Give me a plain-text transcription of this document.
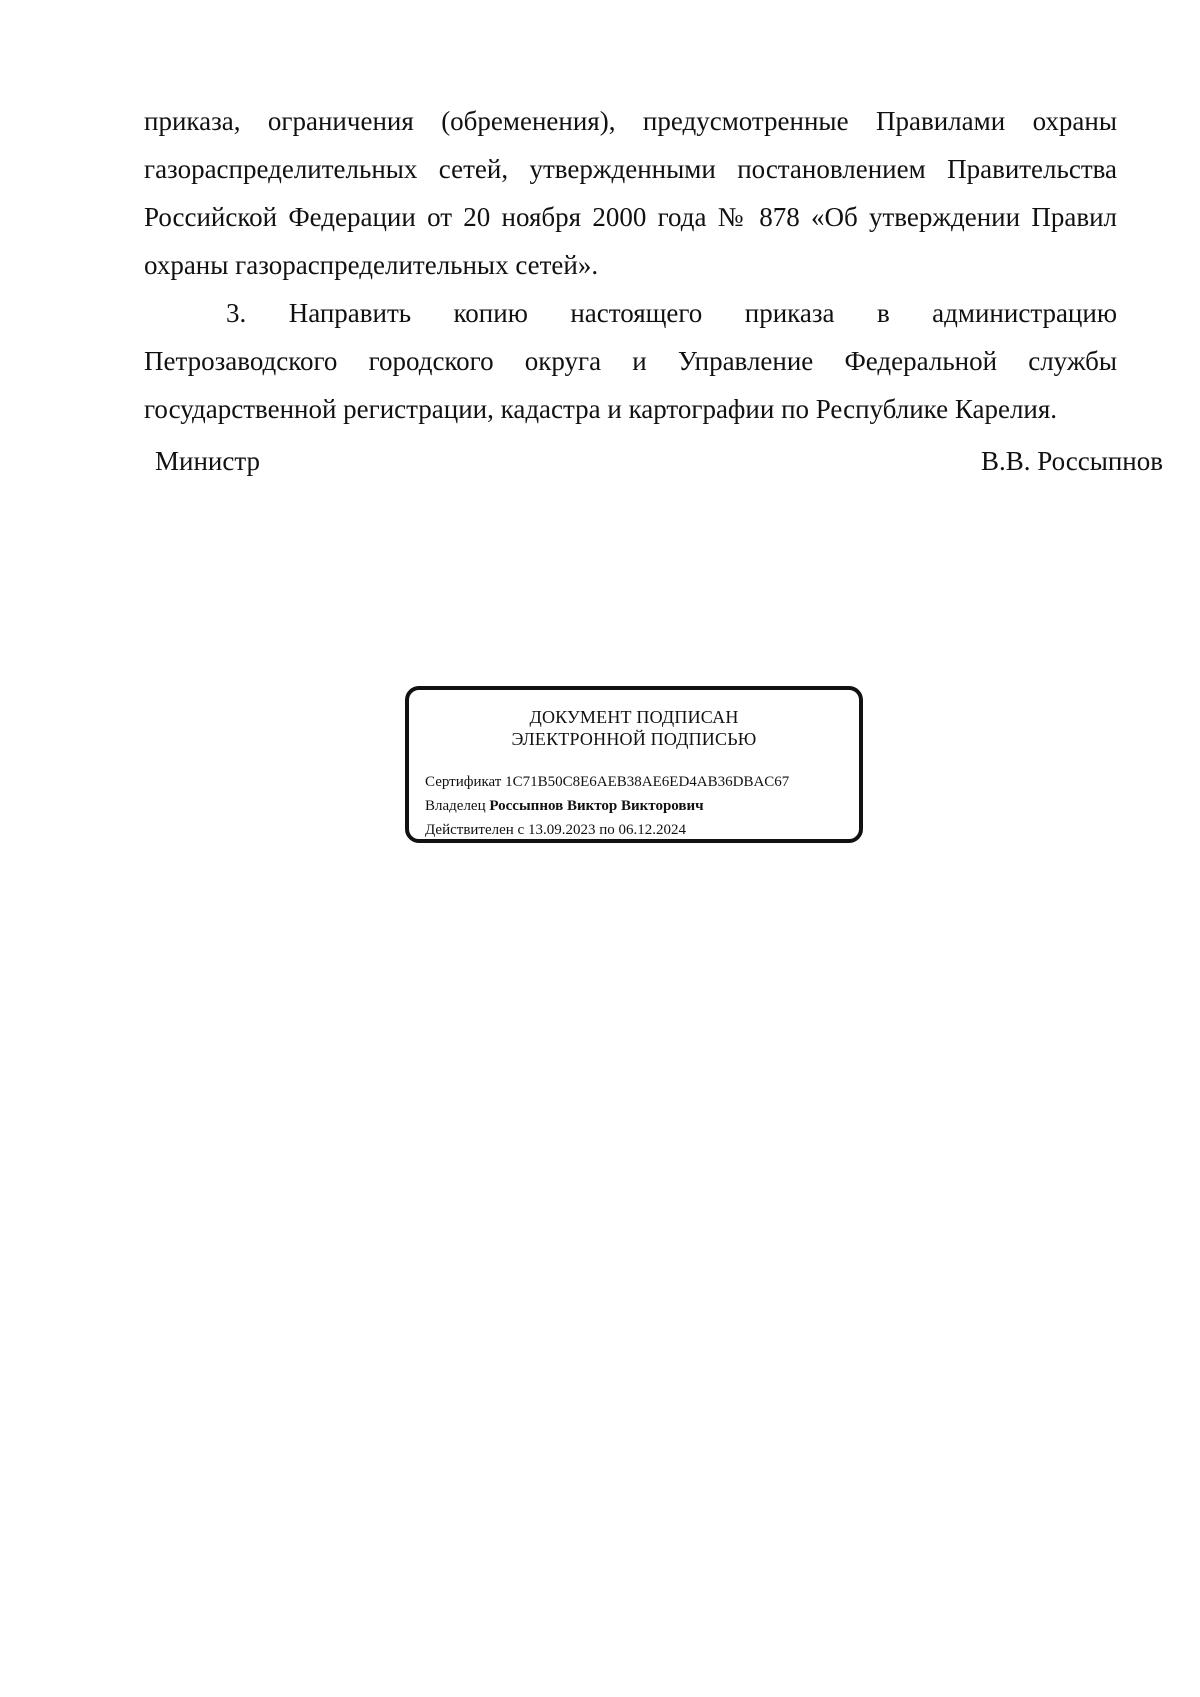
приказа, ограничения (обременения), предусмотренные Правилами охраны
газораспределительных сетей, утвержденными постановлением Правительства
Российской Федерации от 20 ноября 2000 года № 878 «Об утверждении Правил
охраны газораспределительных сетей».
3. Направить копию настоящего приказа в администрацию
Петрозаводского городского округа и Управление Федеральной службы
государственной регистрации, кадастра и картографии по Республике Карелия.
Министр	В.В. Россыпнов
ДОКУМЕНТ ПОДПИСАН
ЭЛЕКТРОННОЙ ПОДПИСЬЮ
Сертификат 1C71B50C8E6AEB38AE6ED4AB36DBAC67
Владелец Россыпнов Виктор Викторович
Действителен с 13.09.2023 по 06.12.2024
